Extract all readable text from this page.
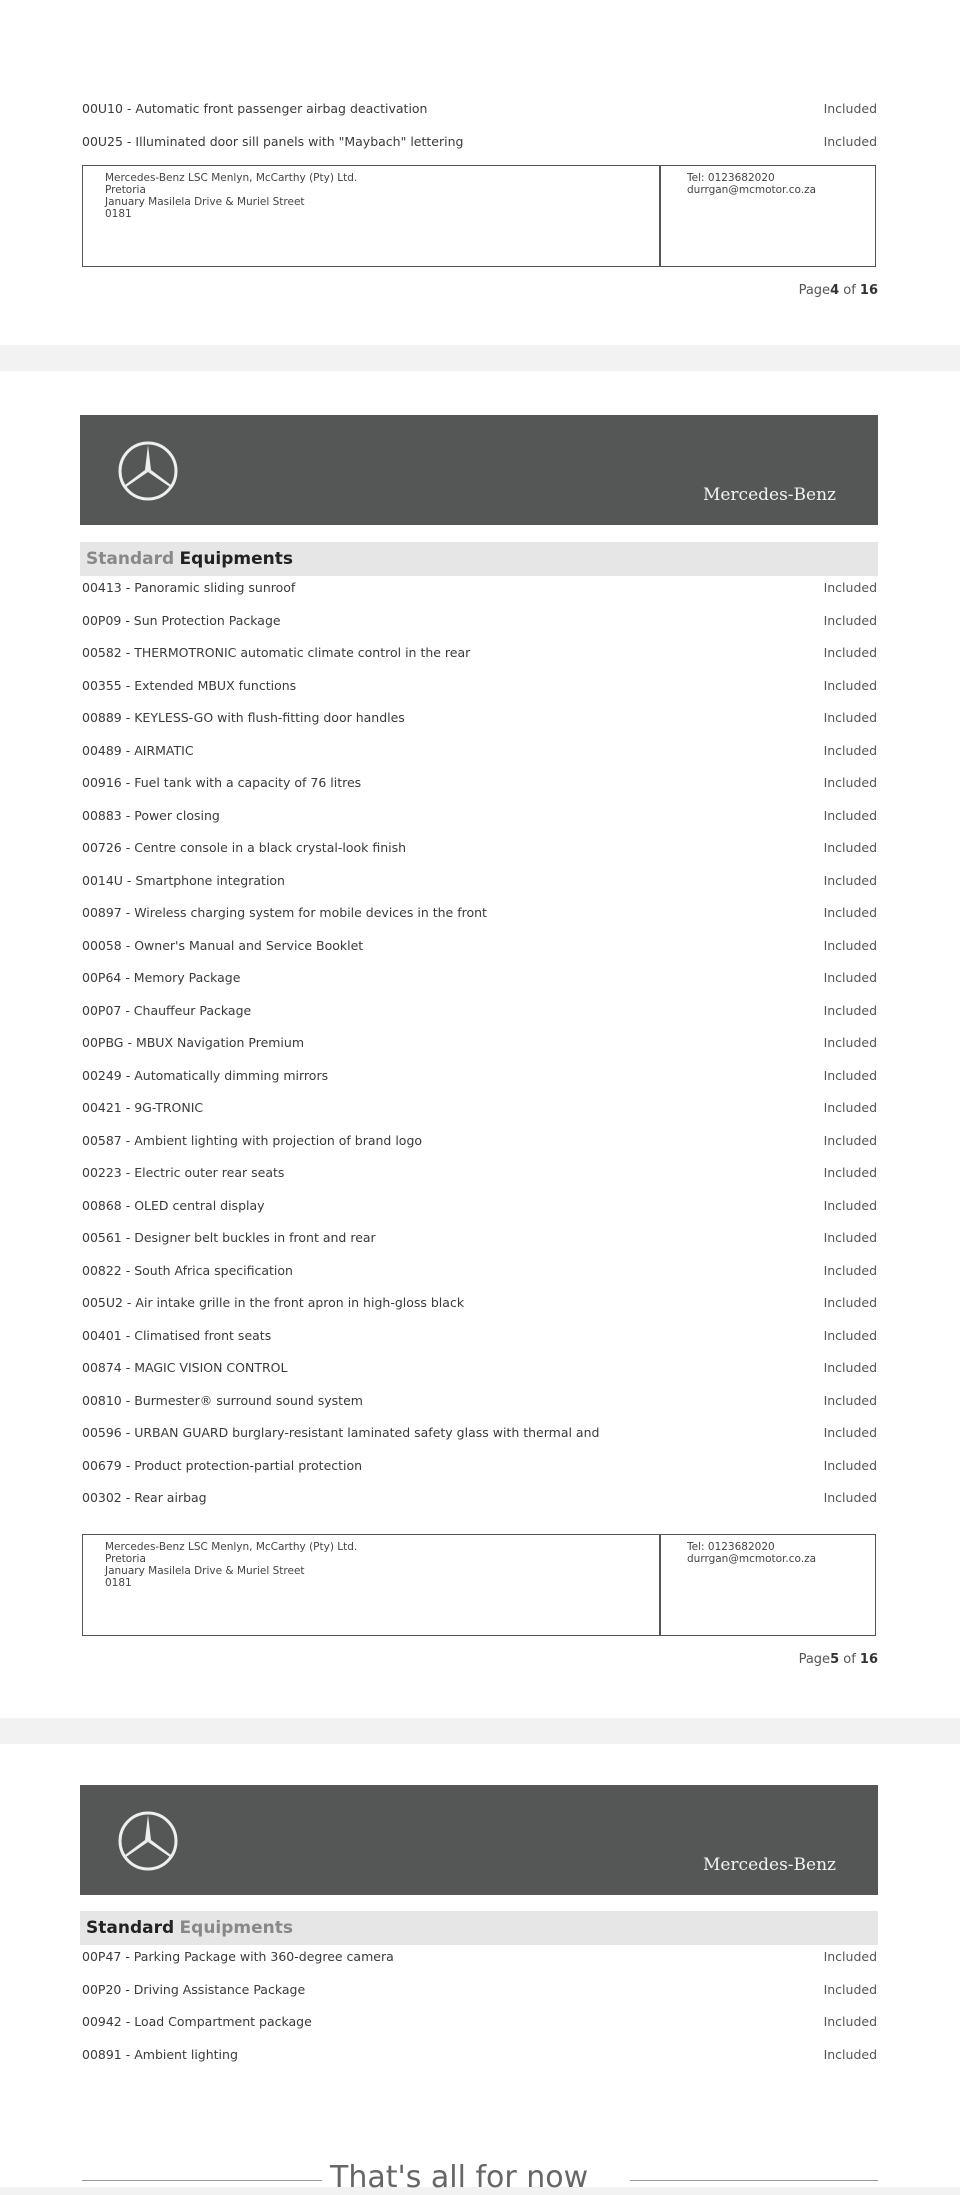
00U10 - Automatic front passenger airbag deactivation	Included
00U25 - Illuminated door sill panels with "Maybach" lettering	Included
Mercedes-Benz LSC Menlyn, McCarthy (Pty) Ltd.
Pretoria
January Masilela Drive & Muriel Street
0181
Tel: 0123682020
durrgan@mcmotor.co.za
Page4 of 16
Mercedes-Benz
Standard Equipments
00413 - Panoramic sliding sunroof	Included
00P09 - Sun Protection Package	Included
00582 - THERMOTRONIC automatic climate control in the rear	Included
00355 - Extended MBUX functions	Included
00889 - KEYLESS-GO with flush-fitting door handles	Included
00489 - AIRMATIC	Included
00916 - Fuel tank with a capacity of 76 litres	Included
00883 - Power closing	Included
00726 - Centre console in a black crystal-look finish	Included
0014U - Smartphone integration	Included
00897 - Wireless charging system for mobile devices in the front	Included
00058 - Owner's Manual and Service Booklet	Included
00P64 - Memory Package	Included
00P07 - Chauffeur Package	Included
00PBG - MBUX Navigation Premium	Included
00249 - Automatically dimming mirrors	Included
00421 - 9G-TRONIC	Included
00587 - Ambient lighting with projection of brand logo	Included
00223 - Electric outer rear seats	Included
00868 - OLED central display	Included
00561 - Designer belt buckles in front and rear	Included
00822 - South Africa specification	Included
005U2 - Air intake grille in the front apron in high-gloss black	Included
00401 - Climatised front seats	Included
00874 - MAGIC VISION CONTROL	Included
00810 - Burmester® surround sound system	Included
00596 - URBAN GUARD burglary-resistant laminated safety glass with thermal and	Included
00679 - Product protection-partial protection	Included
00302 - Rear airbag	Included
Mercedes-Benz LSC Menlyn, McCarthy (Pty) Ltd.
Pretoria
January Masilela Drive & Muriel Street
0181
Tel: 0123682020
durrgan@mcmotor.co.za
Page5 of 16
Mercedes-Benz
Standard Equipments
00P47 - Parking Package with 360-degree camera	Included
00P20 - Driving Assistance Package	Included
00942 - Load Compartment package	Included
00891 - Ambient lighting	Included
That's all for now
